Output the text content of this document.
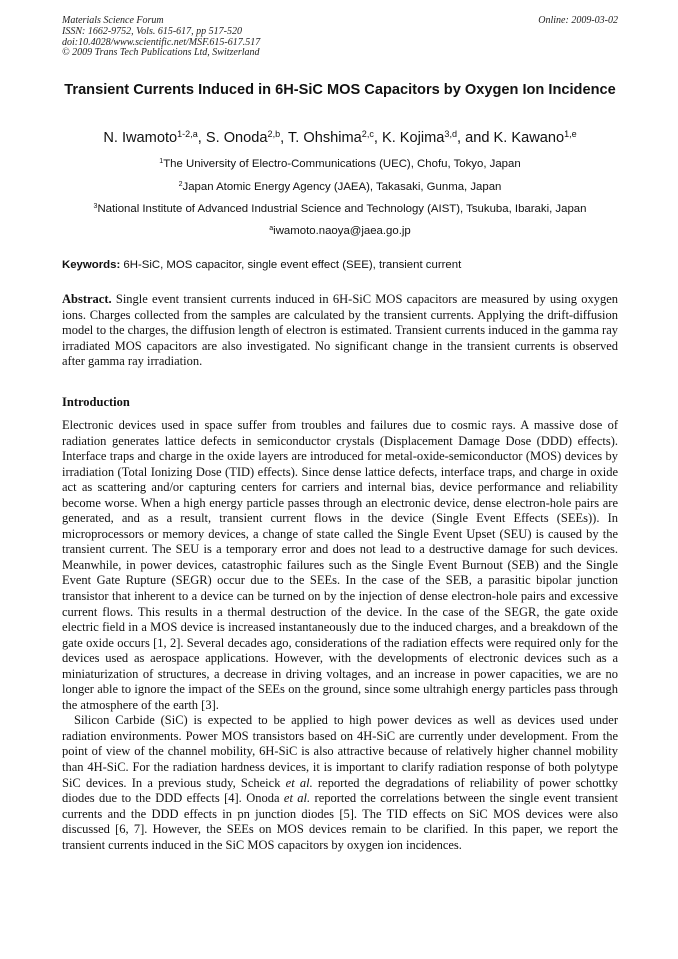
Materials Science Forum
ISSN: 1662-9752, Vols. 615-617, pp 517-520
doi:10.4028/www.scientific.net/MSF.615-617.517
© 2009 Trans Tech Publications Ltd, Switzerland
Online: 2009-03-02
Transient Currents Induced in 6H-SiC MOS Capacitors by Oxygen Ion Incidence
N. Iwamoto$^{1-2,a}$, S. Onoda$^{2,b}$, T. Ohshima$^{2,c}$, K. Kojima$^{3,d}$, and K. Kawano$^{1,e}$
$^1$The University of Electro-Communications (UEC), Chofu, Tokyo, Japan
$^2$Japan Atomic Energy Agency (JAEA), Takasaki, Gunma, Japan
$^3$National Institute of Advanced Industrial Science and Technology (AIST), Tsukuba, Ibaraki, Japan
$^a$iwamoto.naoya@jaea.go.jp
Keywords: 6H-SiC, MOS capacitor, single event effect (SEE), transient current

Abstract. Single event transient currents induced in 6H-SiC MOS capacitors are measured by using oxygen ions. Charges collected from the samples are calculated by the transient currents. Applying the drift-diffusion model to the charges, the diffusion length of electron is estimated. Transient currents induced in the gamma ray irradiated MOS capacitors are also investigated. No significant change in the transient currents is observed after gamma ray irradiation.

Introduction

Electronic devices used in space suffer from troubles and failures due to cosmic rays. A massive dose of radiation generates lattice defects in semiconductor crystals (Displacement Damage Dose (DDD) effects). Interface traps and charge in the oxide layers are introduced for metal-oxide-semiconductor (MOS) devices by irradiation (Total Ionizing Dose (TID) effects). Since dense lattice defects, interface traps, and charge in oxide act as scattering and/or capturing centers for carriers and internal bias, device performance and reliability become worse. When a high energy particle passes through an electronic device, dense electron-hole pairs are generated, and as a result, transient current flows in the device (Single Event Effects (SEEs)). In microprocessors or memory devices, a change of state called the Single Event Upset (SEU) is caused by the transient current. The SEU is a temporary error and does not lead to a destructive damage for such devices. Meanwhile, in power devices, catastrophic failures such as the Single Event Burnout (SEB) and the Single Event Gate Rupture (SEGR) occur due to the SEEs. In the case of the SEB, a parasitic bipolar junction transistor that inherent to a device can be turned on by the injection of dense electron-hole pairs and excessive current flows. This results in a thermal destruction of the device. In the case of the SEGR, the gate oxide electric field in a MOS device is increased instantaneously due to the induced charges, and a breakdown of the gate oxide occurs [1, 2]. Several decades ago, considerations of the radiation effects were required only for the devices used as aerospace applications. However, with the developments of electronic devices such as a miniaturization of structures, a decrease in driving voltages, and an increase in power capacities, we are no longer able to ignore the impact of the SEEs on the ground, since some ultrahigh energy particles pass through the atmosphere of the earth [3].

Silicon Carbide (SiC) is expected to be applied to high power devices as well as devices used under radiation environments. Power MOS transistors based on 4H-SiC are currently under development. From the point of view of the channel mobility, 6H-SiC is also attractive because of relatively higher channel mobility than 4H-SiC. For the radiation hardness devices, it is important to clarify radiation response of both polytype SiC devices. In a previous study, Scheick et al. reported the degradations of reliability of power schottky diodes due to the DDD effects [4]. Onoda et al. reported the correlations between the single event transient currents and the DDD effects in pn junction diodes [5]. The TID effects on SiC MOS devices were also discussed [6, 7]. However, the SEEs on MOS devices remain to be clarified. In this paper, we report the transient currents induced in the SiC MOS capacitors by oxygen ion incidences.
